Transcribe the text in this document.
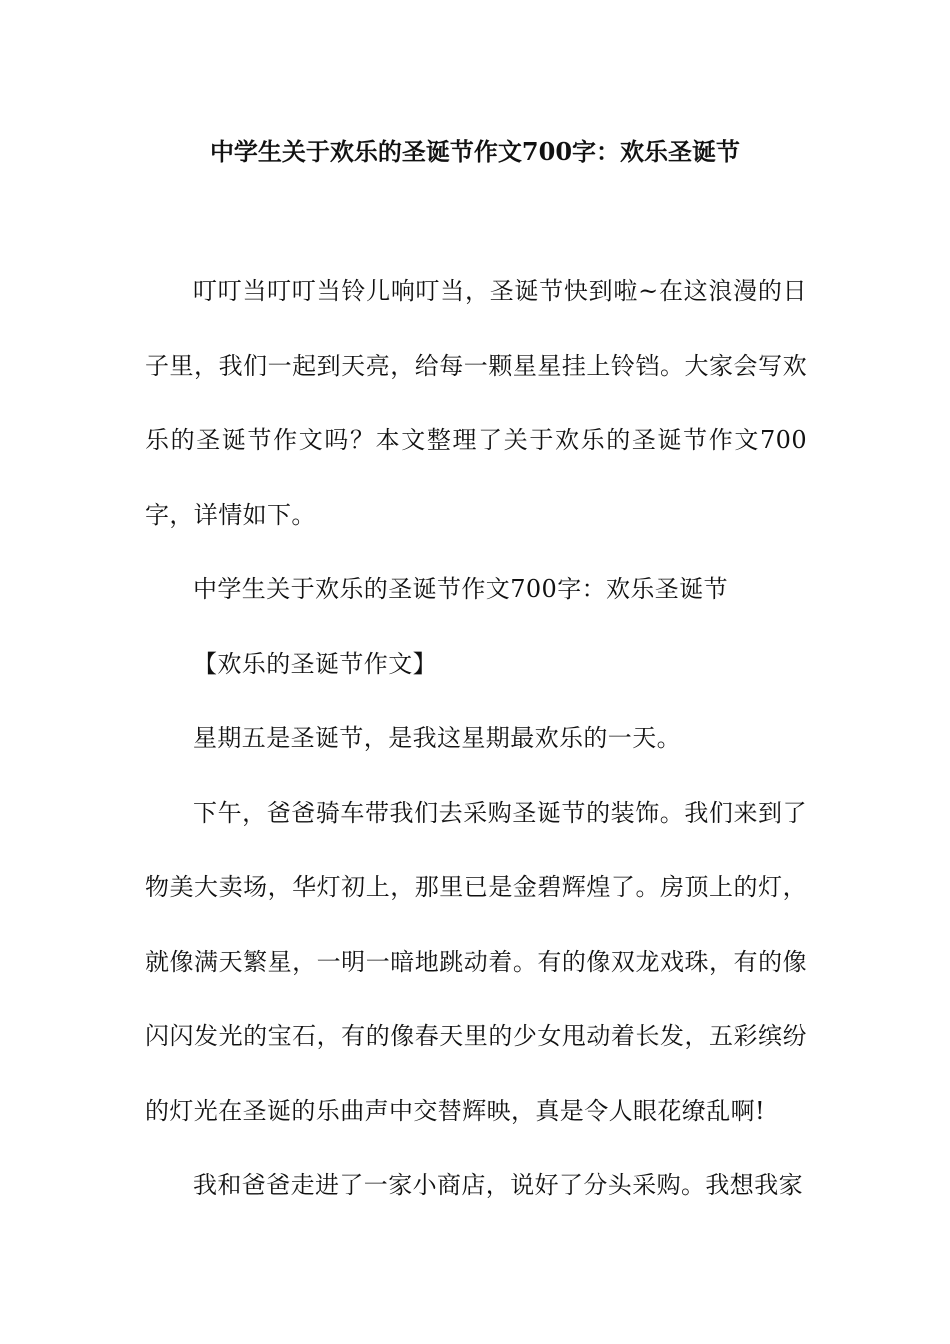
中学生关于欢乐的圣诞节作文700字：欢乐圣诞节

叮叮当叮叮当铃儿响叮当，圣诞节快到啦~在这浪漫的日子里，我们一起到天亮，给每一颗星星挂上铃铛。大家会写欢乐的圣诞节作文吗？本文整理了关于欢乐的圣诞节作文700字，详情如下。

中学生关于欢乐的圣诞节作文700字：欢乐圣诞节

【欢乐的圣诞节作文】

星期五是圣诞节，是我这星期最欢乐的一天。

下午，爸爸骑车带我们去采购圣诞节的装饰。我们来到了物美大卖场，华灯初上，那里已是金碧辉煌了。房顶上的灯，就像满天繁星，一明一暗地跳动着。有的像双龙戏珠，有的像闪闪发光的宝石，有的像春天里的少女甩动着长发，五彩缤纷的灯光在圣诞的乐曲声中交替辉映，真是令人眼花缭乱啊!

我和爸爸走进了一家小商店，说好了分头采购。我想我家
